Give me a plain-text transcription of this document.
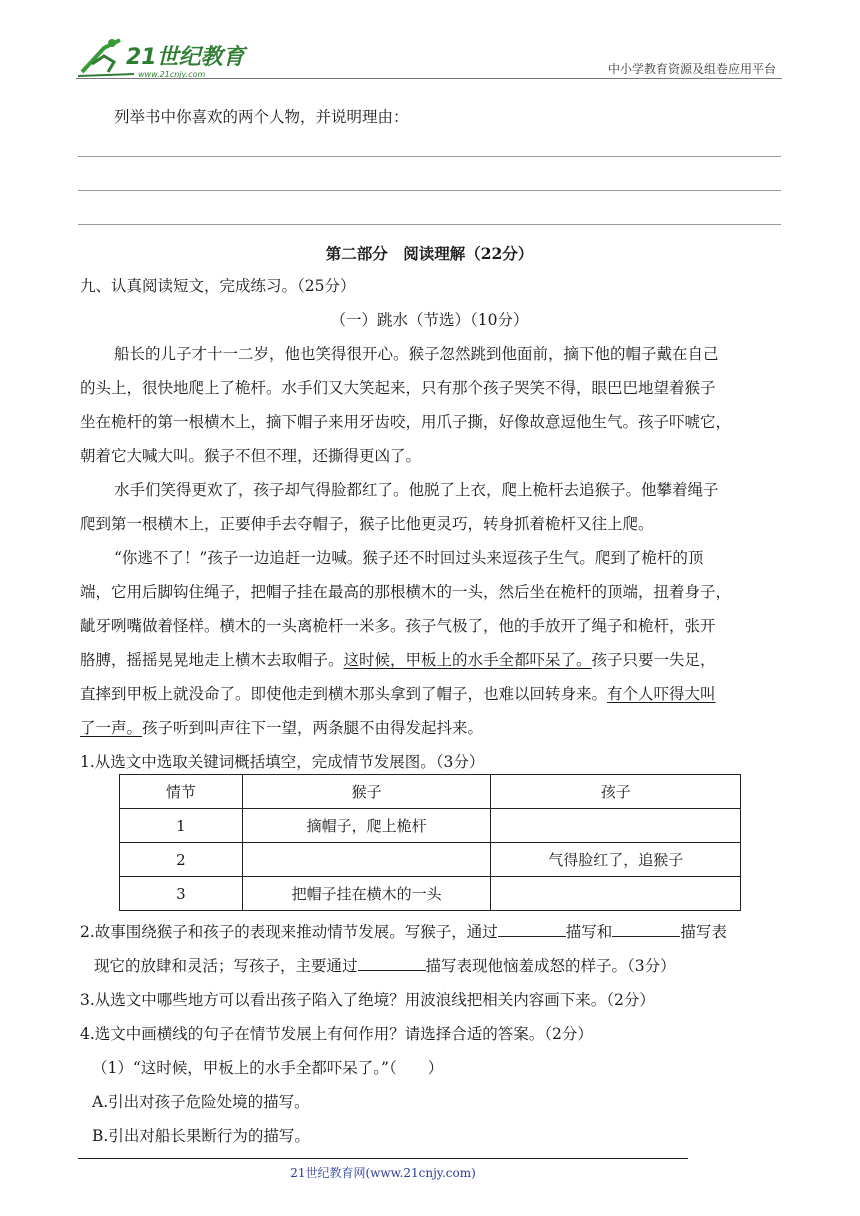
21世纪教育
www.21cnjy.com	中小学教育资源及组卷应用平台
列举书中你喜欢的两个人物，并说明理由：
第二部分　阅读理解（22分）
九、认真阅读短文，完成练习。（25分）
（一）跳水（节选）（10分）
船长的儿子才十一二岁，他也笑得很开心。猴子忽然跳到他面前，摘下他的帽子戴在自己
的头上，很快地爬上了桅杆。水手们又大笑起来，只有那个孩子哭笑不得，眼巴巴地望着猴子
坐在桅杆的第一根横木上，摘下帽子来用牙齿咬，用爪子撕，好像故意逗他生气。孩子吓唬它，
朝着它大喊大叫。猴子不但不理，还撕得更凶了。
水手们笑得更欢了，孩子却气得脸都红了。他脱了上衣，爬上桅杆去追猴子。他攀着绳子
爬到第一根横木上，正要伸手去夺帽子，猴子比他更灵巧，转身抓着桅杆又往上爬。
“你逃不了！”孩子一边追赶一边喊。猴子还不时回过头来逗孩子生气。爬到了桅杆的顶
端，它用后脚钩住绳子，把帽子挂在最高的那根横木的一头，然后坐在桅杆的顶端，扭着身子，
龇牙咧嘴做着怪样。横木的一头离桅杆一米多。孩子气极了，他的手放开了绳子和桅杆，张开
胳膊，摇摇晃晃地走上横木去取帽子。这时候，甲板上的水手全都吓呆了。孩子只要一失足，
直摔到甲板上就没命了。即使他走到横木那头拿到了帽子，也难以回转身来。有个人吓得大叫
了一声。孩子听到叫声往下一望，两条腿不由得发起抖来。
1.从选文中选取关键词概括填空，完成情节发展图。（3分）
情节	猴子	孩子
1	摘帽子，爬上桅杆	
2		气得脸红了，追猴子
3	把帽子挂在横木的一头	
2.故事围绕猴子和孩子的表现来推动情节发展。写猴子，通过	描写和	描写表
现它的放肆和灵活；写孩子，主要通过	描写表现他恼羞成怒的样子。（3分）
3.从选文中哪些地方可以看出孩子陷入了绝境？用波浪线把相关内容画下来。（2分）
4.选文中画横线的句子在情节发展上有何作用？请选择合适的答案。（2分）
（1）“这时候，甲板上的水手全都吓呆了。”（　　）
A.引出对孩子危险处境的描写。
B.引出对船长果断行为的描写。
21世纪教育网(www.21cnjy.com)
